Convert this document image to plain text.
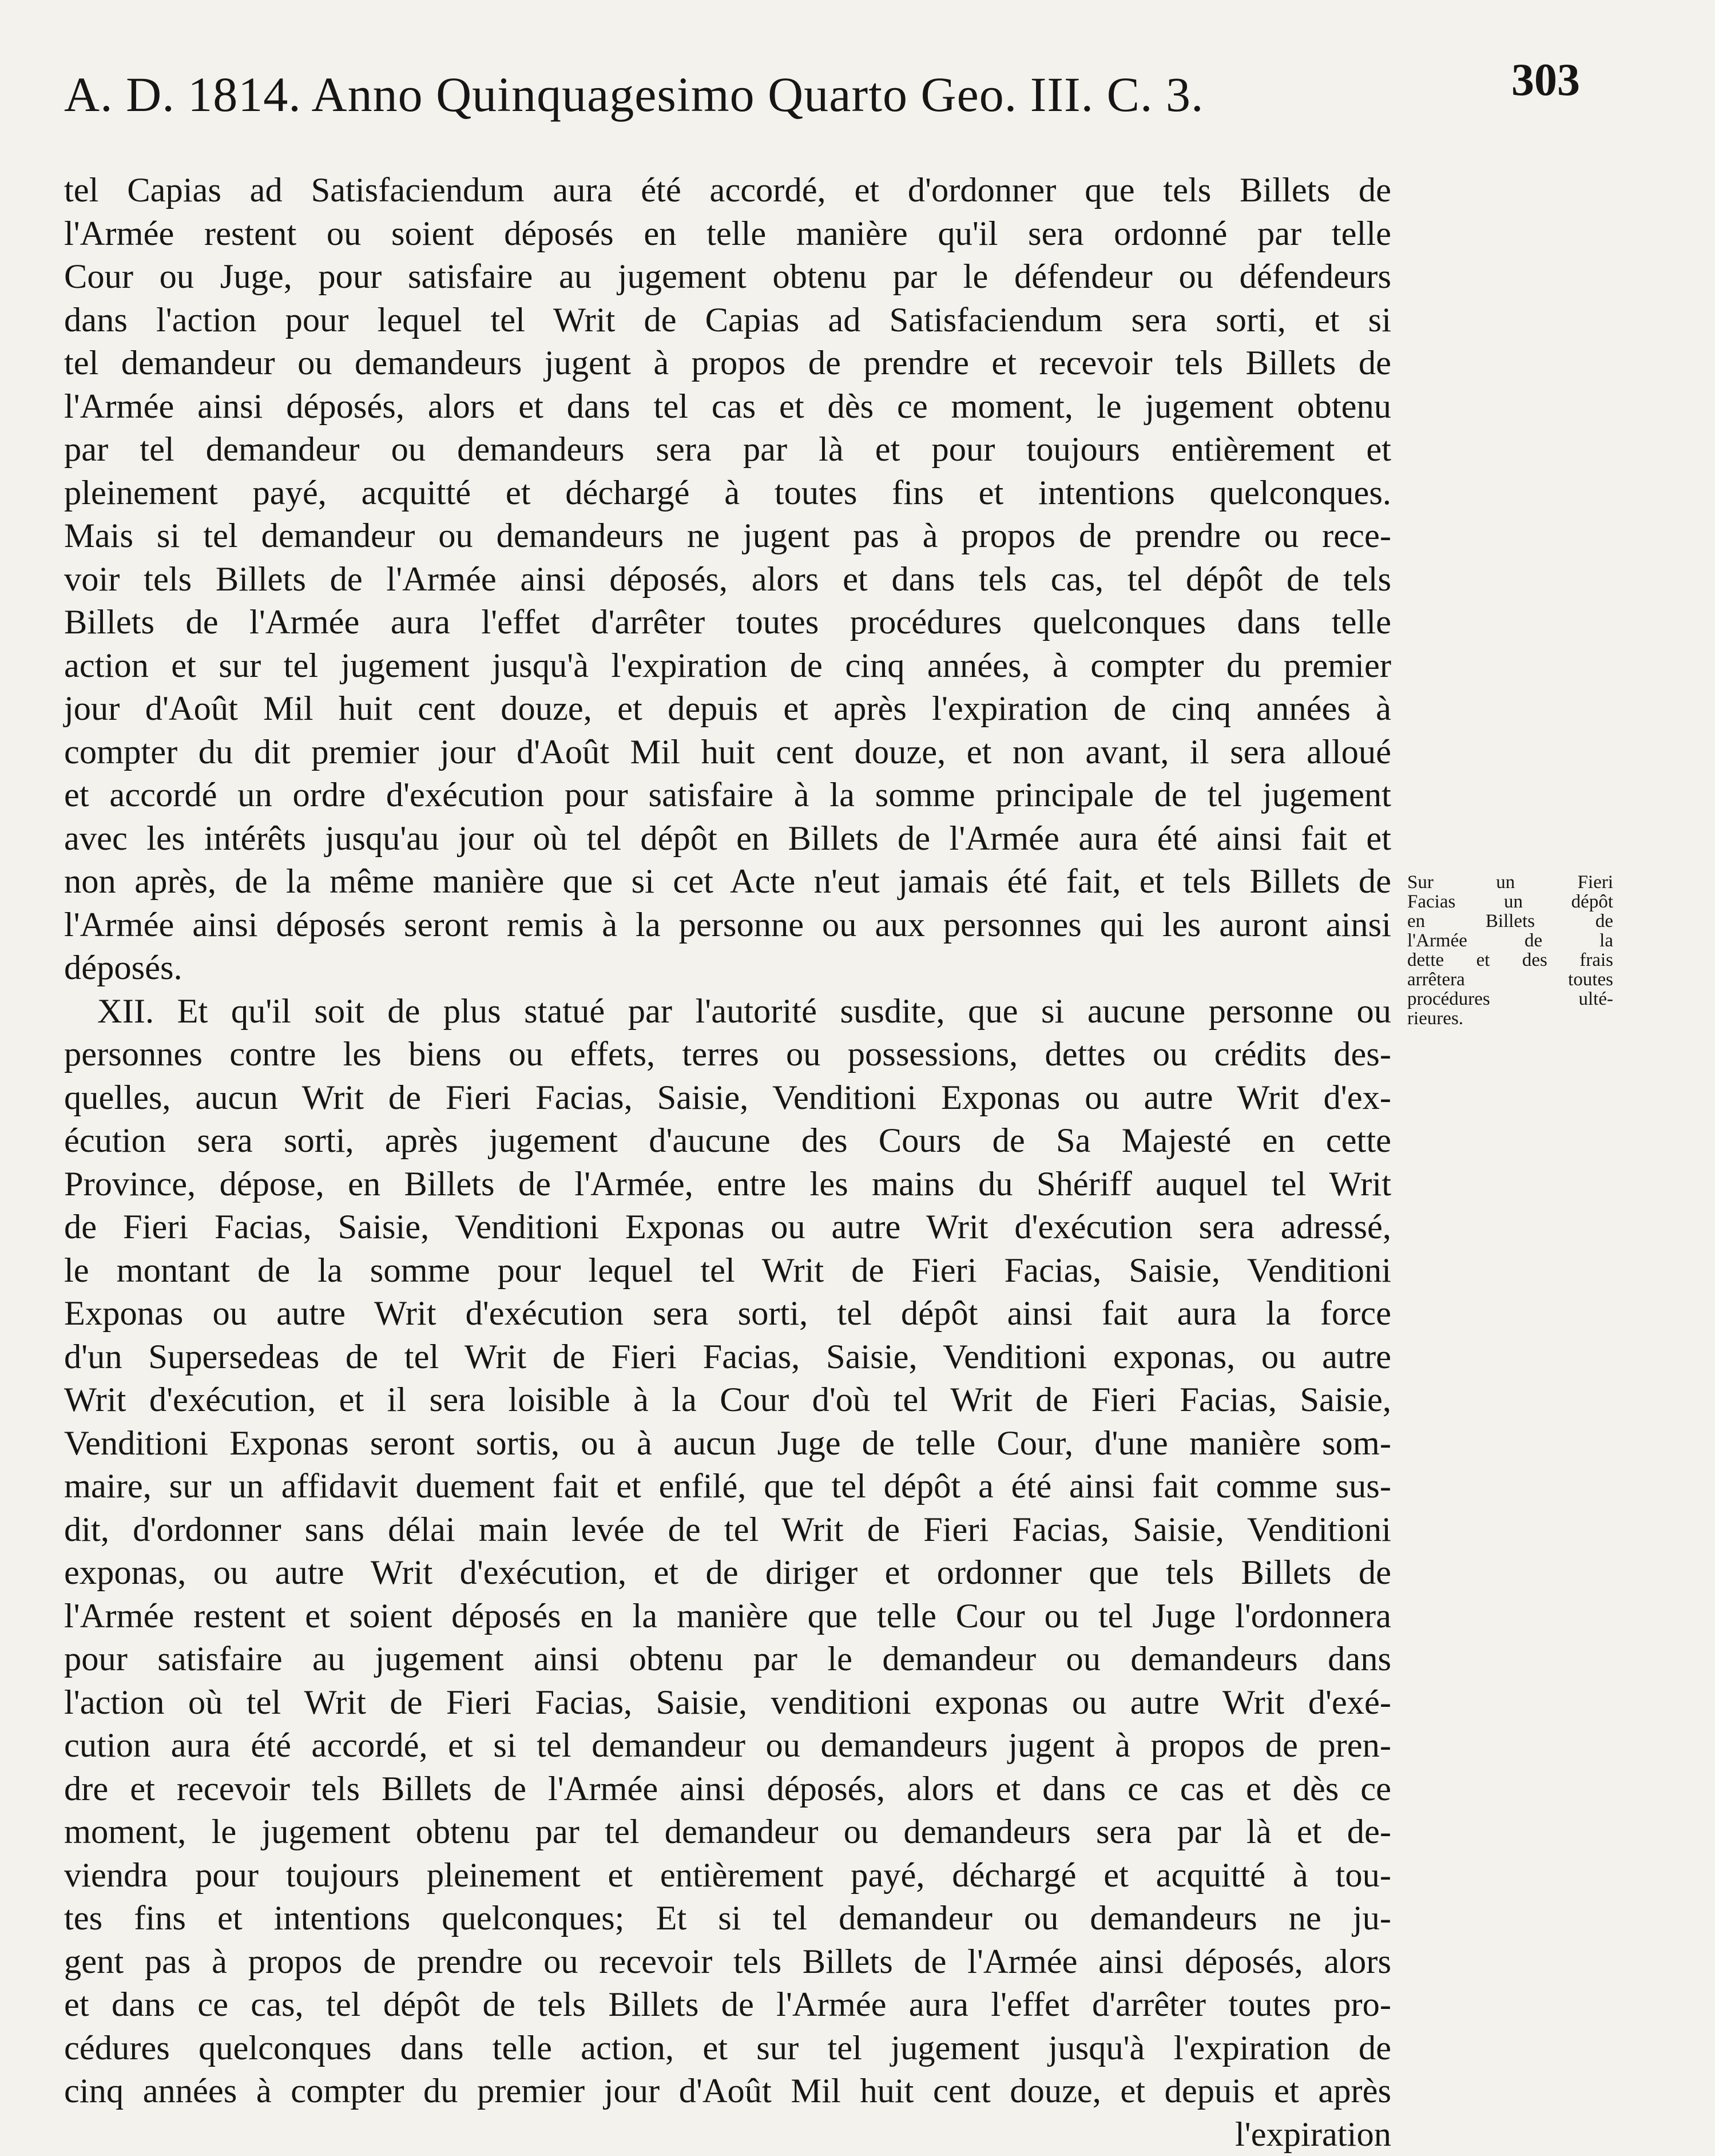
A. D. 1814. Anno Quinquagesimo Quarto Geo. III. C. 3.	303
tel Capias ad Satisfaciendum aura été accordé, et d'ordonner que tels Billets de
l'Armée restent ou soient déposés en telle manière qu'il sera ordonné par telle
Cour ou Juge, pour satisfaire au jugement obtenu par le défendeur ou défendeurs
dans l'action pour lequel tel Writ de Capias ad Satisfaciendum sera sorti, et si
tel demandeur ou demandeurs jugent à propos de prendre et recevoir tels Billets de
l'Armée ainsi déposés, alors et dans tel cas et dès ce moment, le jugement obtenu
par tel demandeur ou demandeurs sera par là et pour toujours entièrement et
pleinement payé, acquitté et déchargé à toutes fins et intentions quelconques.
Mais si tel demandeur ou demandeurs ne jugent pas à propos de prendre ou rece-
voir tels Billets de l'Armée ainsi déposés, alors et dans tels cas, tel dépôt de tels
Billets de l'Armée aura l'effet d'arrêter toutes procédures quelconques dans telle
action et sur tel jugement jusqu'à l'expiration de cinq années, à compter du premier
jour d'Août Mil huit cent douze, et depuis et après l'expiration de cinq années à
compter du dit premier jour d'Août Mil huit cent douze, et non avant, il sera alloué
et accordé un ordre d'exécution pour satisfaire à la somme principale de tel jugement
avec les intérêts jusqu'au jour où tel dépôt en Billets de l'Armée aura été ainsi fait et
non après, de la même manière que si cet Acte n'eut jamais été fait, et tels Billets de
l'Armée ainsi déposés seront remis à la personne ou aux personnes qui les auront ainsi
déposés.
XII. Et qu'il soit de plus statué par l'autorité susdite, que si aucune personne ou
personnes contre les biens ou effets, terres ou possessions, dettes ou crédits des-
quelles, aucun Writ de Fieri Facias, Saisie, Venditioni Exponas ou autre Writ d'ex-
écution sera sorti, après jugement d'aucune des Cours de Sa Majesté en cette
Province, dépose, en Billets de l'Armée, entre les mains du Shériff auquel tel Writ
de Fieri Facias, Saisie, Venditioni Exponas ou autre Writ d'exécution sera adressé,
le montant de la somme pour lequel tel Writ de Fieri Facias, Saisie, Venditioni
Exponas ou autre Writ d'exécution sera sorti, tel dépôt ainsi fait aura la force
d'un Supersedeas de tel Writ de Fieri Facias, Saisie, Venditioni exponas, ou autre
Writ d'exécution, et il sera loisible à la Cour d'où tel Writ de Fieri Facias, Saisie,
Venditioni Exponas seront sortis, ou à aucun Juge de telle Cour, d'une manière som-
maire, sur un affidavit duement fait et enfilé, que tel dépôt a été ainsi fait comme sus-
dit, d'ordonner sans délai main levée de tel Writ de Fieri Facias, Saisie, Venditioni
exponas, ou autre Writ d'exécution, et de diriger et ordonner que tels Billets de
l'Armée restent et soient déposés en la manière que telle Cour ou tel Juge l'ordonnera
pour satisfaire au jugement ainsi obtenu par le demandeur ou demandeurs dans
l'action où tel Writ de Fieri Facias, Saisie, venditioni exponas ou autre Writ d'exé-
cution aura été accordé, et si tel demandeur ou demandeurs jugent à propos de pren-
dre et recevoir tels Billets de l'Armée ainsi déposés, alors et dans ce cas et dès ce
moment, le jugement obtenu par tel demandeur ou demandeurs sera par là et de-
viendra pour toujours pleinement et entièrement payé, déchargé et acquitté à tou-
tes fins et intentions quelconques; Et si tel demandeur ou demandeurs ne ju-
gent pas à propos de prendre ou recevoir tels Billets de l'Armée ainsi déposés, alors
et dans ce cas, tel dépôt de tels Billets de l'Armée aura l'effet d'arrêter toutes pro-
cédures quelconques dans telle action, et sur tel jugement jusqu'à l'expiration de
cinq années à compter du premier jour d'Août Mil huit cent douze, et depuis et après
l'expiration
Sur un Fieri
Facias un dépôt
en Billets de
l'Armée de la
dette et des frais
arrêtera toutes
procédures ulté-
rieures.
